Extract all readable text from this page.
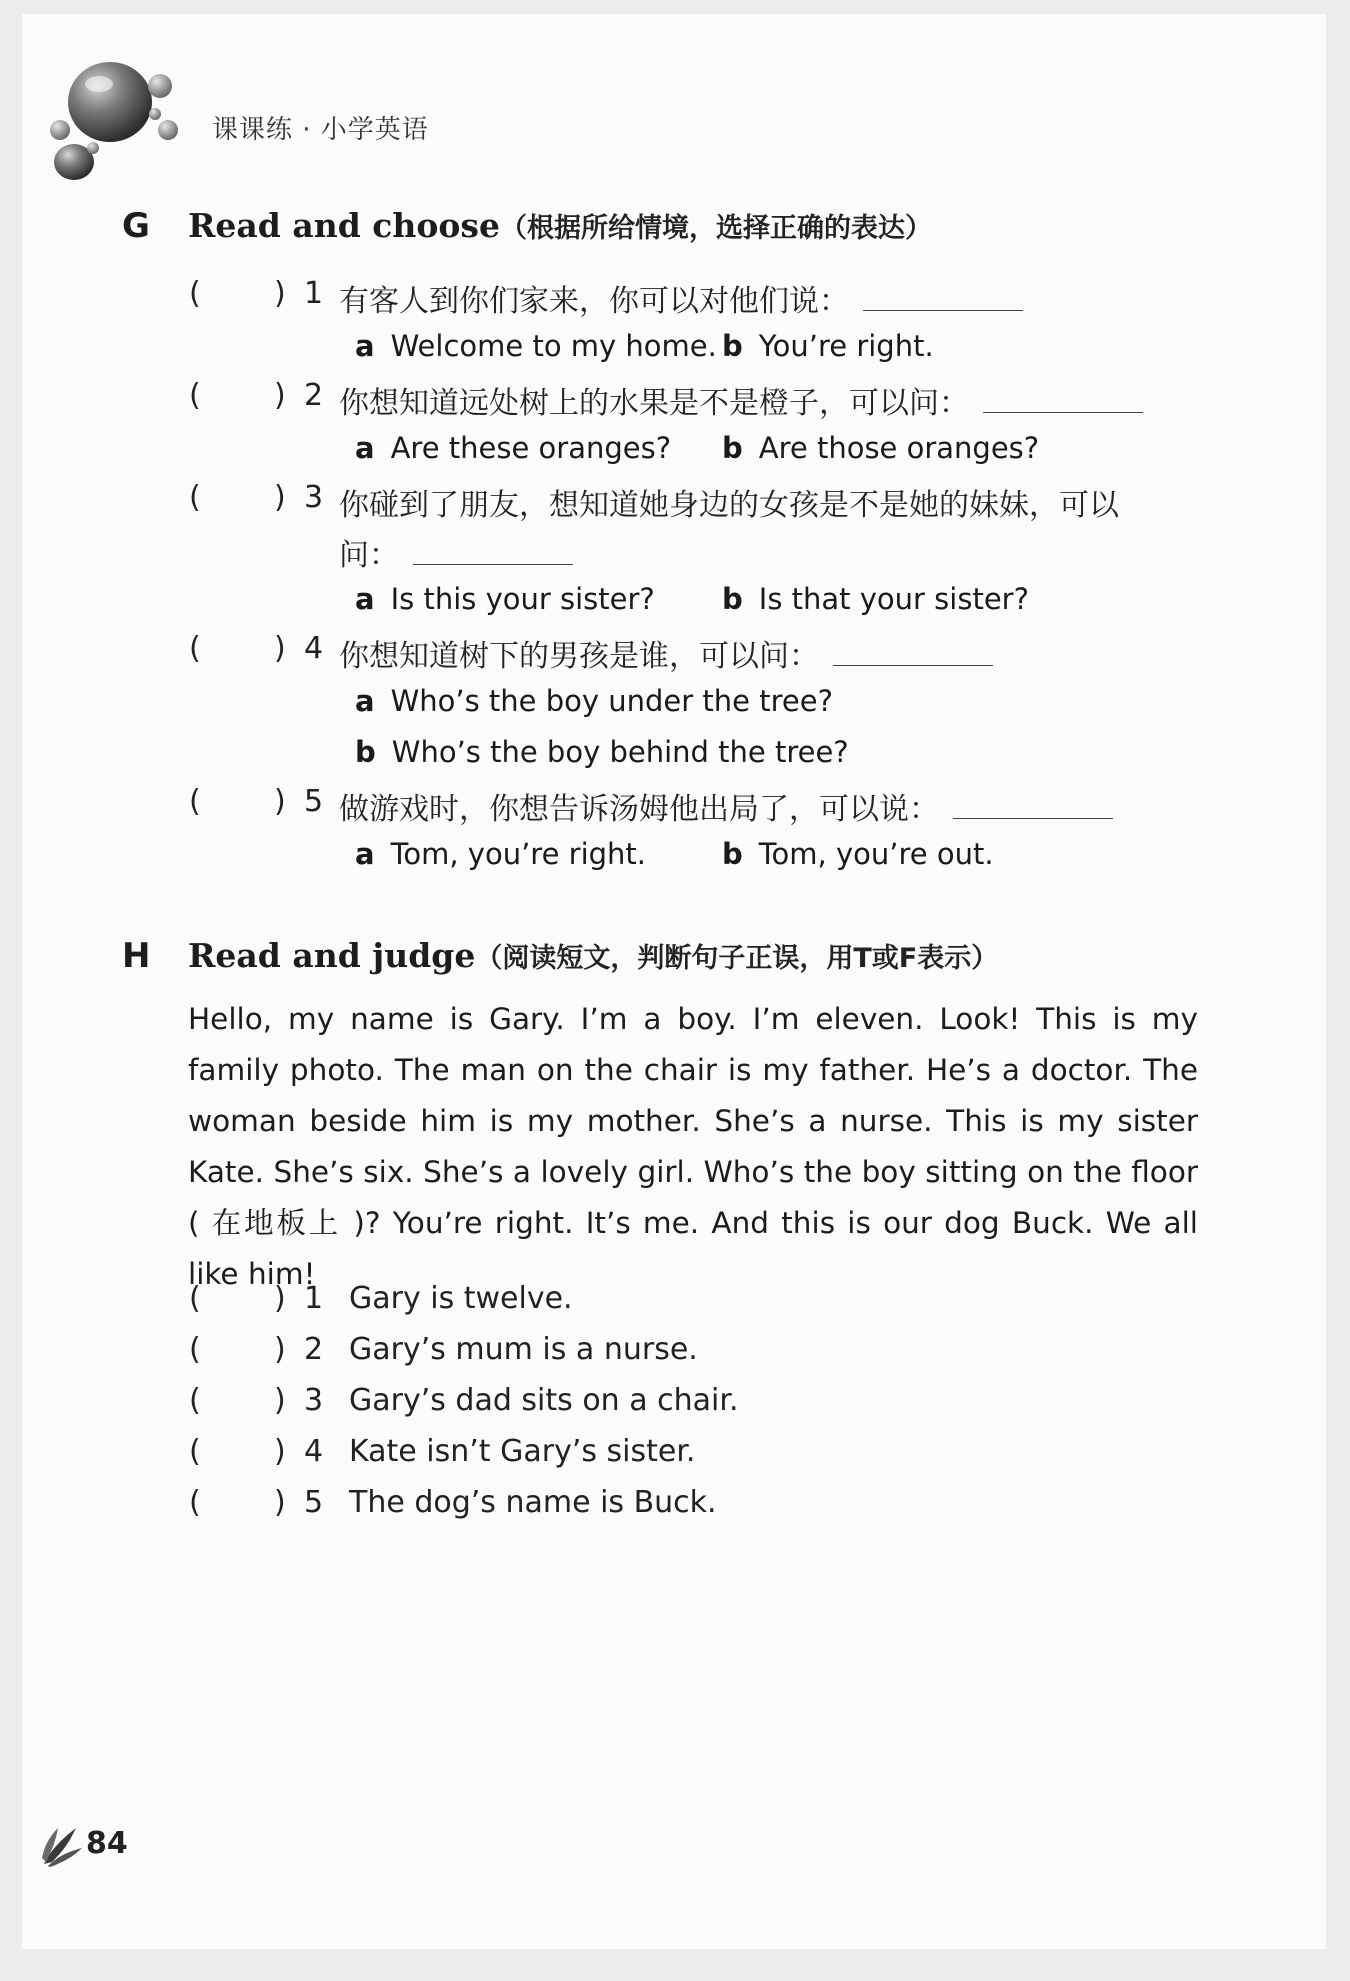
课课练 · 小学英语
G Read and choose（根据所给情境，选择正确的表达）
( ) 1 有客人到你们家来，你可以对他们说：
a Welcome to my home. b You’re right.
( ) 2 你想知道远处树上的水果是不是橙子，可以问：
a Are these oranges? b Are those oranges?
( ) 3 你碰到了朋友，想知道她身边的女孩是不是她的妹妹，可以
问：
a Is this your sister? b Is that your sister?
( ) 4 你想知道树下的男孩是谁，可以问：
a Who’s the boy under the tree?
b Who’s the boy behind the tree?
( ) 5 做游戏时，你想告诉汤姆他出局了，可以说：
a Tom, you’re right.	b Tom, you’re out.
H Read and judge（阅读短文，判断句子正误，用T或F表示）
Hello, my name is Gary. I’m a boy. I’m eleven. Look! This is my family photo. The man on the chair is my father. He’s a doctor. The woman beside him is my mother. She’s a nurse. This is my sister Kate. She’s six. She’s a lovely girl. Who’s the boy sitting on the floor ( 在地板上 )? You’re right. It’s me. And this is our dog Buck. We all like him!
( ) 1 Gary is twelve.
( ) 2 Gary’s mum is a nurse.
( ) 3 Gary’s dad sits on a chair.
( ) 4 Kate isn’t Gary’s sister.
( ) 5 The dog’s name is Buck.
84
